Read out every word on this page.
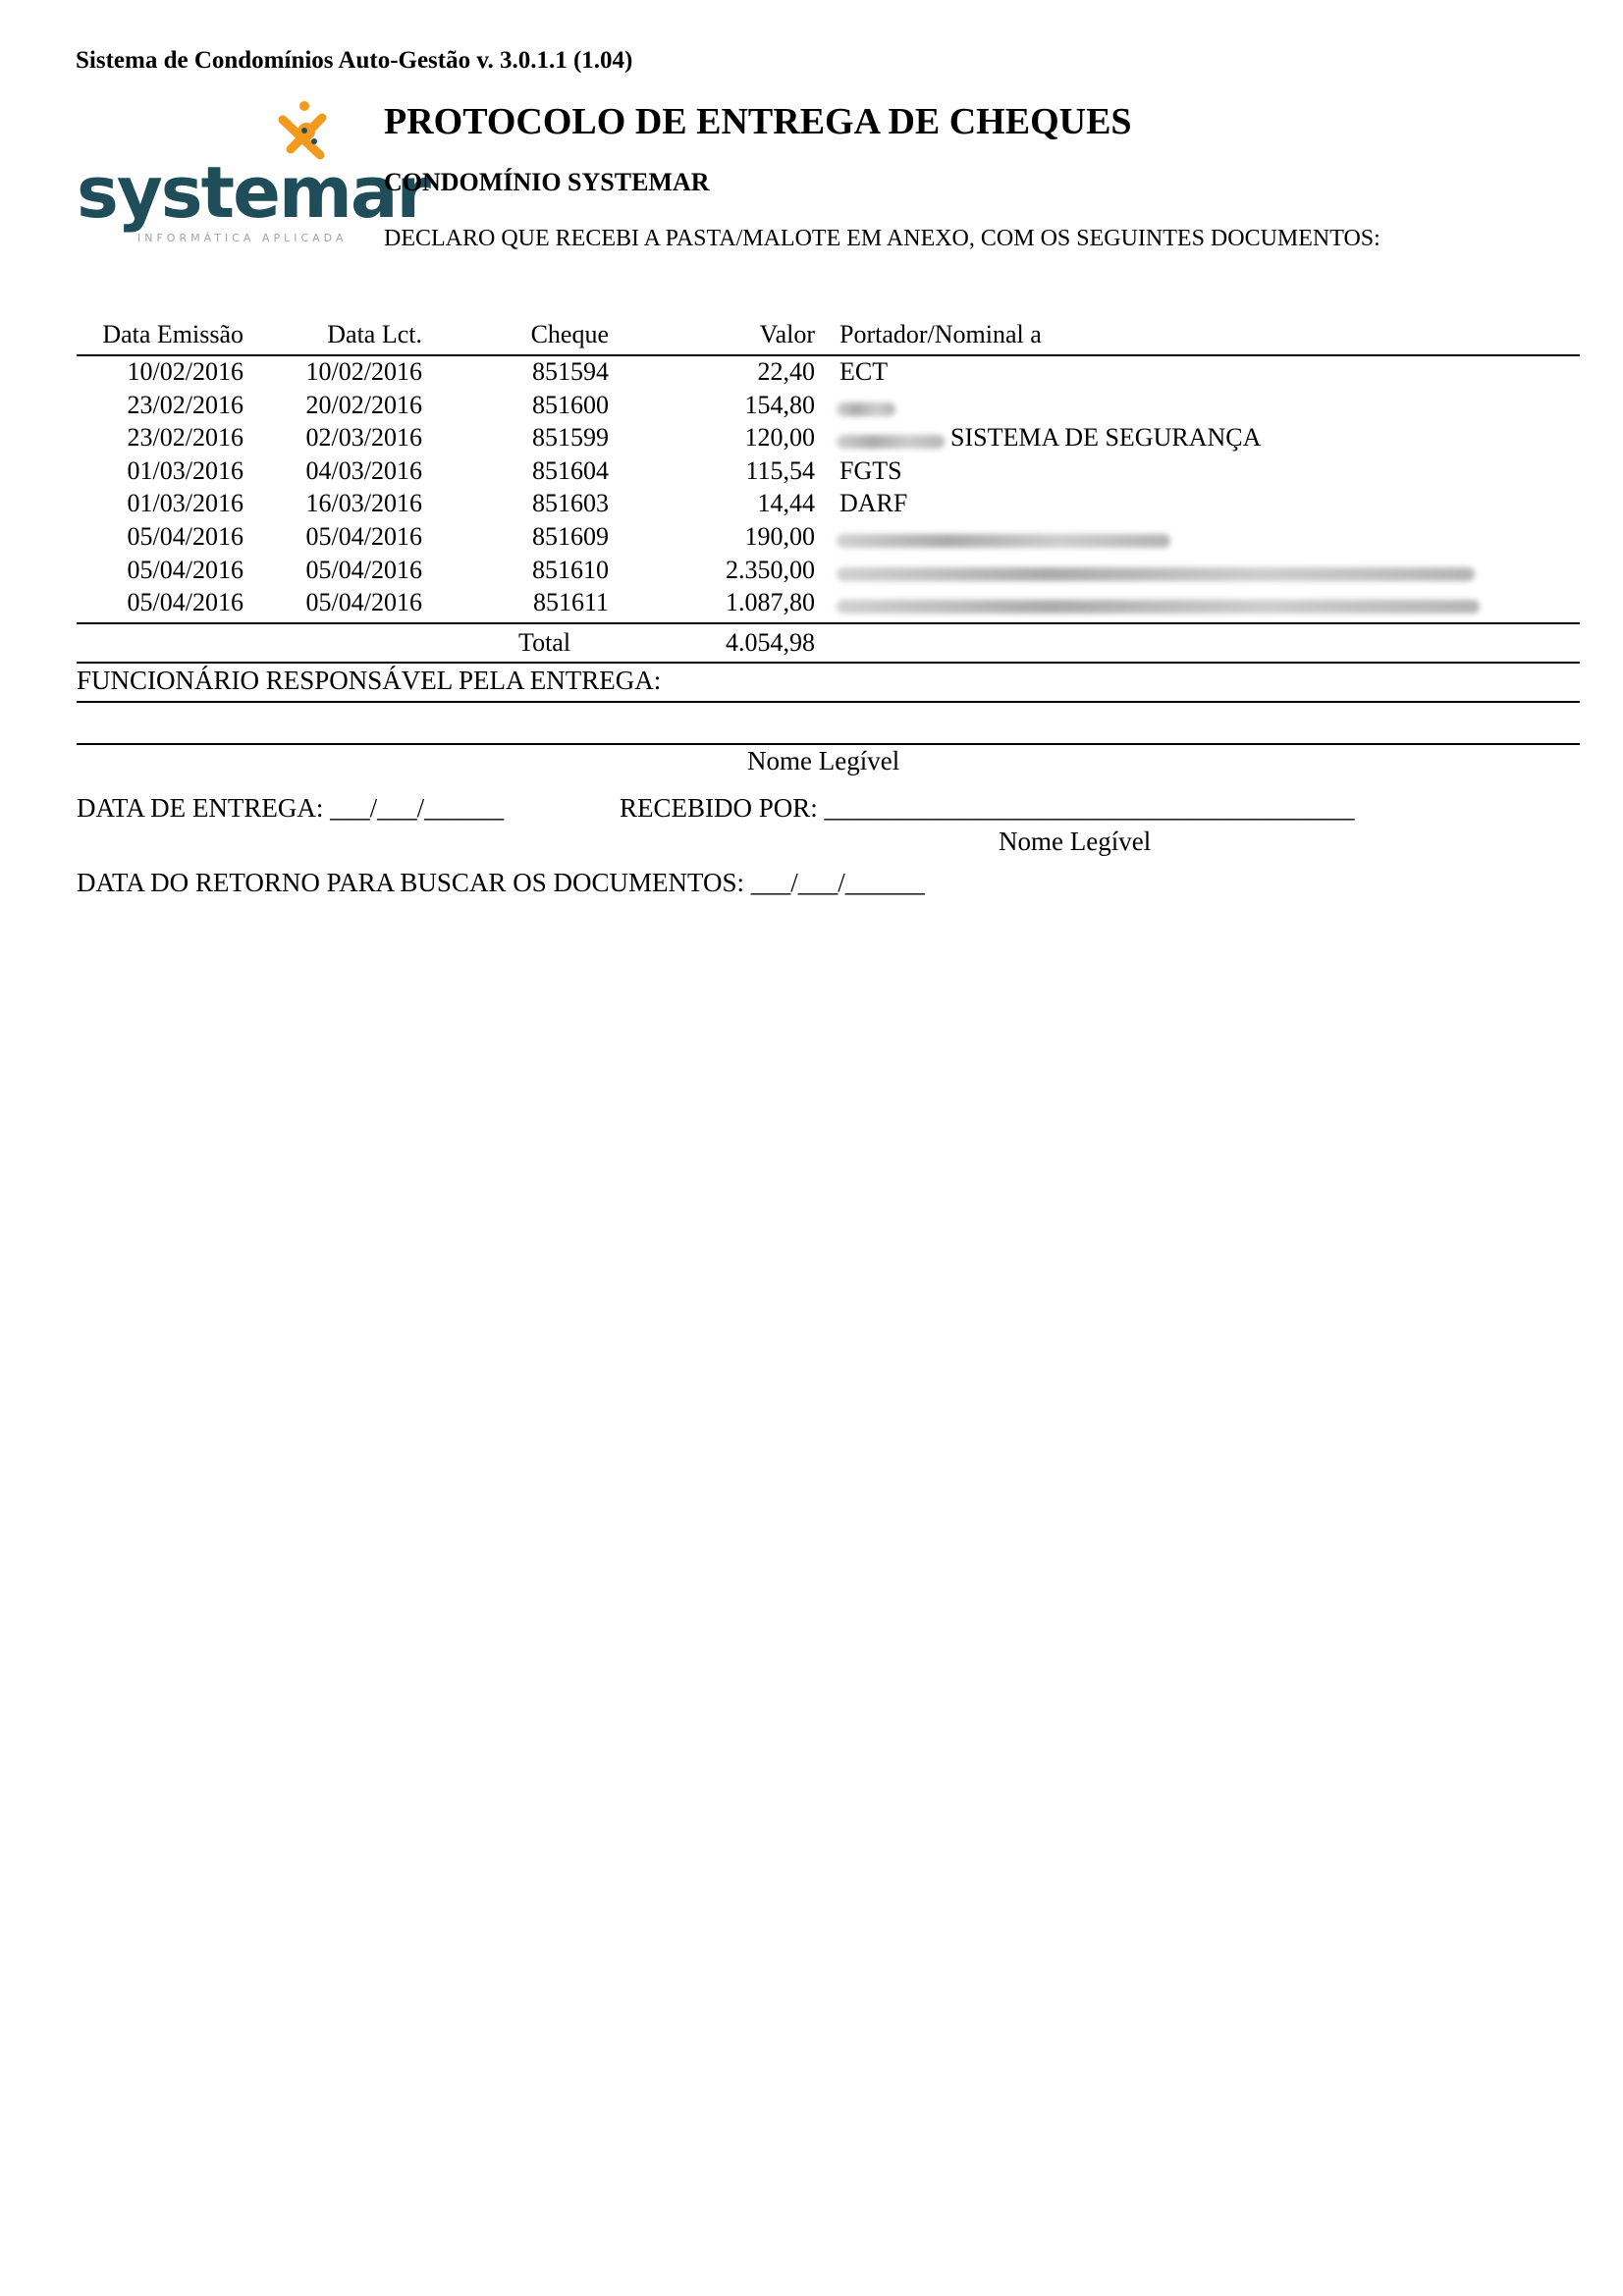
Sistema de Condomínios Auto-Gestão v. 3.0.1.1 (1.04)
systemar
INFORMÁTICA APLICADA
PROTOCOLO DE ENTREGA DE CHEQUES
CONDOMÍNIO SYSTEMAR
DECLARO QUE RECEBI A PASTA/MALOTE EM ANEXO, COM OS SEGUINTES DOCUMENTOS:
Data Emissão	Data Lct.	Cheque	Valor Portador/Nominal a
10/02/2016	10/02/2016	851594	22,40 ECT
23/02/2016	20/02/2016	851600	154,80
23/02/2016	02/03/2016	851599	120,00	SISTEMA DE SEGURANÇA
01/03/2016	04/03/2016	851604	115,54 FGTS
01/03/2016	16/03/2016	851603	14,44 DARF
05/04/2016	05/04/2016	851609	190,00
05/04/2016	05/04/2016	851610	2.350,00
05/04/2016	05/04/2016	851611	1.087,80
Total	4.054,98
FUNCIONÁRIO RESPONSÁVEL PELA ENTREGA:
Nome Legível
DATA DE ENTREGA: ___/___/______	RECEBIDO POR: ________________________________________
Nome Legível
DATA DO RETORNO PARA BUSCAR OS DOCUMENTOS: ___/___/______
